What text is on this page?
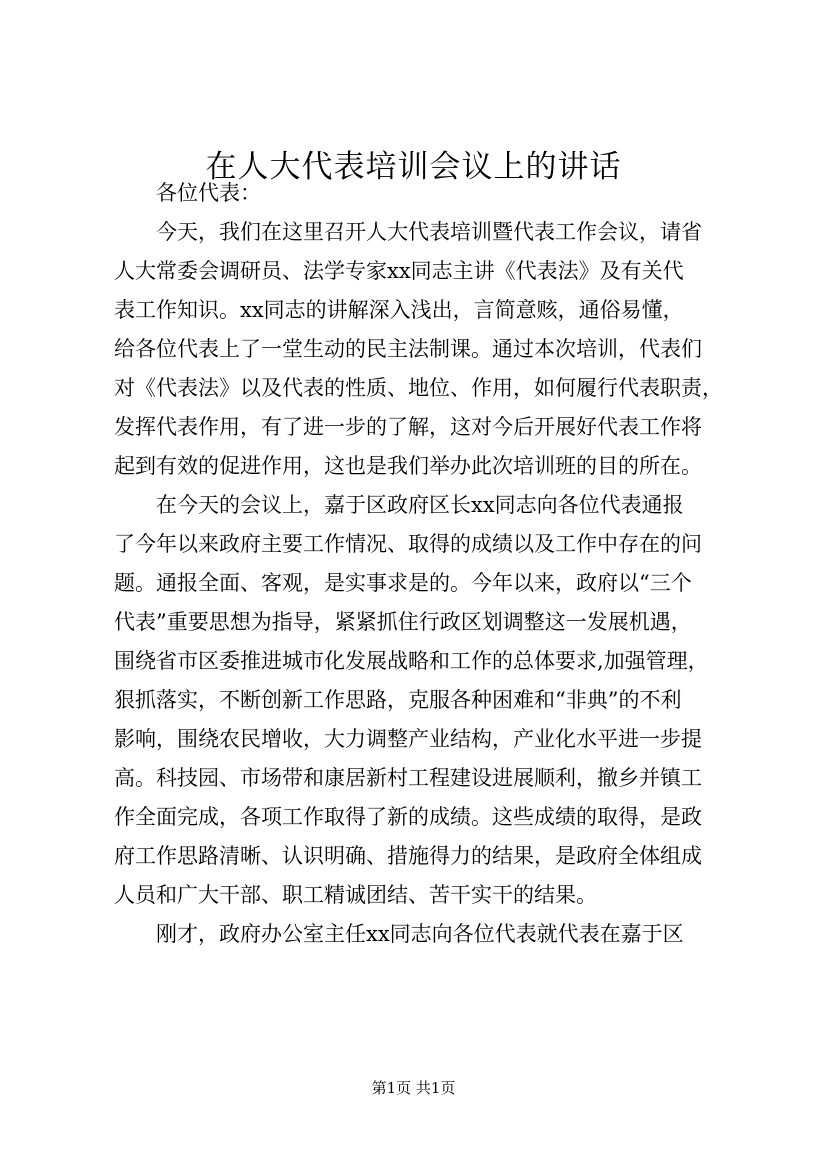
在人大代表培训会议上的讲话
各位代表：
今天，我们在这里召开人大代表培训暨代表工作会议，请省
人大常委会调研员、法学专家xx同志主讲《代表法》及有关代
表工作知识。xx同志的讲解深入浅出，言简意赅，通俗易懂，
给各位代表上了一堂生动的民主法制课。通过本次培训，代表们
对《代表法》以及代表的性质、地位、作用，如何履行代表职责，
发挥代表作用，有了进一步的了解，这对今后开展好代表工作将
起到有效的促进作用，这也是我们举办此次培训班的目的所在。
在今天的会议上，嘉于区政府区长xx同志向各位代表通报
了今年以来政府主要工作情况、取得的成绩以及工作中存在的问
题。通报全面、客观，是实事求是的。今年以来，政府以“三个
代表”重要思想为指导，紧紧抓住行政区划调整这一发展机遇，
围绕省市区委推进城市化发展战略和工作的总体要求,加强管理，
狠抓落实，不断创新工作思路，克服各种困难和“非典”的不利
影响，围绕农民增收，大力调整产业结构，产业化水平进一步提
高。科技园、市场带和康居新村工程建设进展顺利，撤乡并镇工
作全面完成，各项工作取得了新的成绩。这些成绩的取得，是政
府工作思路清晰、认识明确、措施得力的结果，是政府全体组成
人员和广大干部、职工精诚团结、苦干实干的结果。
刚才，政府办公室主任xx同志向各位代表就代表在嘉于区
第1页 共1页
